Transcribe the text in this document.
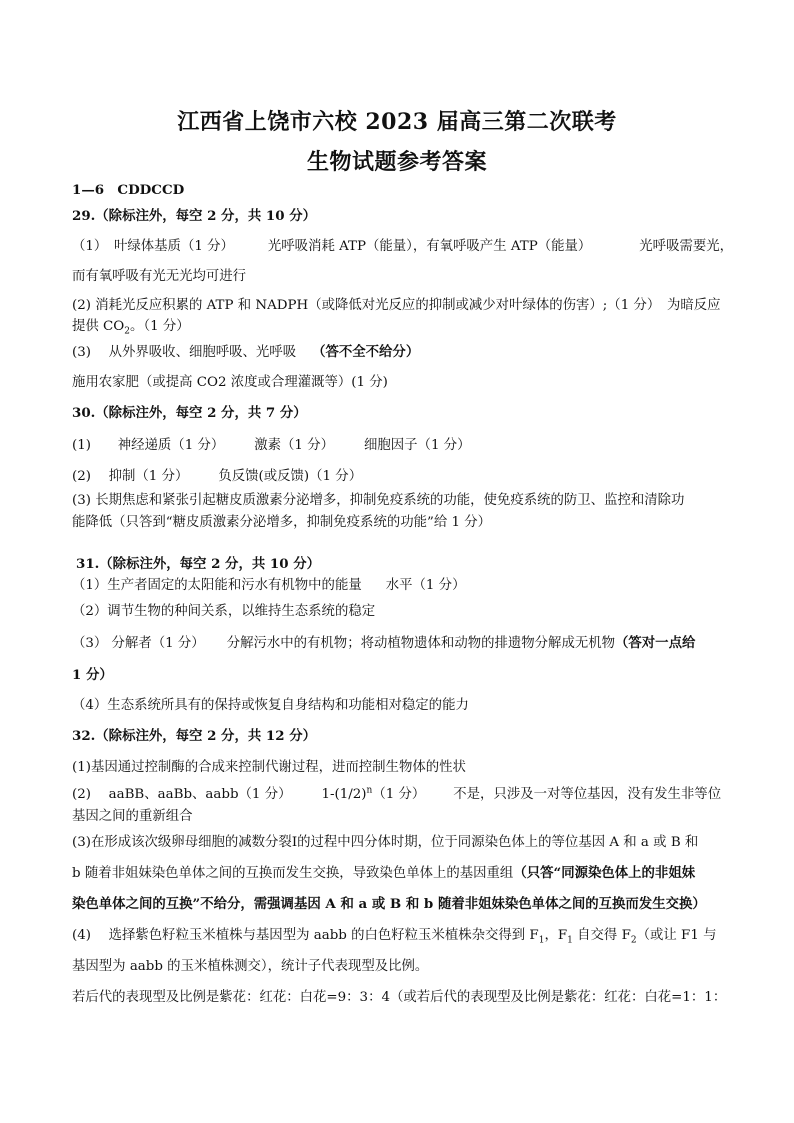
江西省上饶市六校 2023 届高三第二次联考
生物试题参考答案
1—6　CDDCCD
29.（除标注外，每空 2 分，共 10 分）
（1）　叶绿体基质（1 分）	光呼吸消耗 ATP（能量），有氧呼吸产生 ATP（能量）	光呼吸需要光，
而有氧呼吸有光无光均可进行
(2) 消耗光反应积累的 ATP 和 NADPH（或降低对光反应的抑制或减少对叶绿体的伤害）;（1 分）　为暗反应
提供 $CO_2$。（1 分）
(3)　 从外界吸收、细胞呼吸、光呼吸 （答不全不给分）
施用农家肥（或提高 CO2 浓度或合理灌溉等）(1 分)
30.（除标注外，每空 2 分，共 7 分）
(1)　　神经递质（1 分） 激素（1 分） 细胞因子（1 分）
(2)　 抑制（1 分） 负反馈(或反馈)（1 分）
(3) 长期焦虑和紧张引起糖皮质激素分泌增多，抑制免疫系统的功能，使免疫系统的防卫、监控和清除功
能降低（只答到“糖皮质激素分泌增多，抑制免疫系统的功能”给 1 分）
31.（除标注外，每空 2 分，共 10 分）
（1）生产者固定的太阳能和污水有机物中的能量 水平（1 分）
（2）调节生物的种间关系，以维持生态系统的稳定
（3） 分解者（1 分） 分解污水中的有机物；将动植物遗体和动物的排遗物分解成无机物（答对一点给
1 分）
（4）生态系统所具有的保持或恢复自身结构和功能相对稳定的能力
32.（除标注外，每空 2 分，共 12 分）
(1)基因通过控制酶的合成来控制代谢过程，进而控制生物体的性状
(2)　 aaBB、aaBb、aabb（1 分） $1-(1/2)^n(1$ 分） 不是，只涉及一对等位基因，没有发生非等位
基因之间的重新组合
(3)在形成该次级卵母细胞的减数分裂Ⅰ的过程中四分体时期，位于同源染色体上的等位基因 A 和 a 或 B 和
b 随着非姐妹染色单体之间的互换而发生交换，导致染色单体上的基因重组（只答“同源染色体上的非姐妹
染色单体之间的互换”不给分，需强调基因 A 和 a 或 B 和 b 随着非姐妹染色单体之间的互换而发生交换）
(4)　 选择紫色籽粒玉米植株与基因型为 aabb 的白色籽粒玉米植株杂交得到 $F_1$，$F_1$ 自交得 $F_2$（或让 F1 与
基因型为 aabb 的玉米植株测交），统计子代表现型及比例。
若后代的表现型及比例是紫花：红花：白花=9：3：4（或若后代的表现型及比例是紫花：红花：白花=1：1：
